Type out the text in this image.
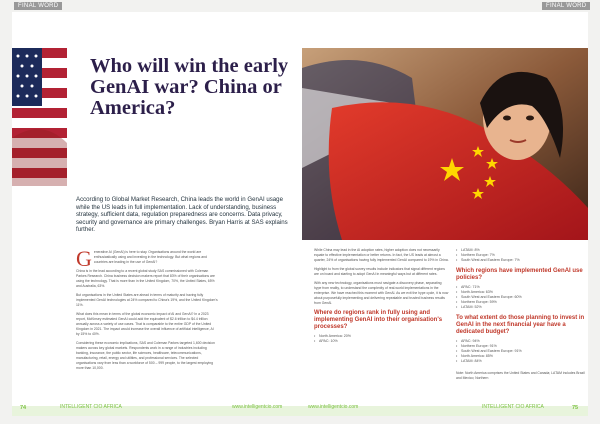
FINAL WORD	FINAL WORD
Who will win the early GenAI war? China or America?

According to Global Market Research, China leads the world in GenAI usage while the US leads in full implementation. Lack of understanding, business strategy, sufficient data, regulation preparedness are concerns. Data privacy, security and governance are primary challenges. Bryan Harris at SAS explains further.

Generative AI (GenAI) is here to stay. Organisations around the world are enthusiastically using and investing in the technology. But what regions and countries are leading in the use of GenAI?

China is in the lead according to a recent global study SAS commissioned with Coleman Parkes Research. China business decision makers report that 83% of their organisations are using the technology. That is more than in the United Kingdom, 70%, the United States, 65% and Australia, 63%.

But organisations in the United States are ahead in terms of maturity and having fully implemented GenAI technologies at 24% compared to China's 19%, and the United Kingdom's 11%.

What does this mean in terms of the global economic impact of AI and GenAI? In a 2023 report, McKinsey estimated GenAI could add the equivalent of $2.6 trillion to $4.4 trillion annually across a variety of use cases. That is comparable to the entire GDP of the United Kingdom in 2021. The impact would increase the overall influence of artificial intelligence, AI by 15% to 40%.

Considering these economic implications, SAS and Coleman Parkes targeted 1,600 decision makers across key global markets. Respondents work in a range of industries including banking, insurance, the public sector, life sciences, healthcare, telecommunications, manufacturing, retail, energy and utilities, and professional services. The selected organisations vary from less than a workforce of 500 – 999 people, to the largest employing more than 10,000.

74	INTELLIGENT CIO AFRICA	www.intelligentcio.com

While China may lead in the AI adoption rates, higher adoption does not necessarily equate to effective implementation or better returns. In fact, the US leads at almost a quarter, 24% of organisations having fully implemented GenAI compared to 19% in China.

Highlight to from the global survey results include indicators that signal different regions are on board and starting to adopt GenAI in meaningful ways but at different rates.

With any new technology, organisations must navigate a discovery phase, separating hype from reality, to understand the complexity of real-world implementations in the enterprise. We have reached this moment with GenAI. As we exit the hype cycle, it is now about purposefully implementing and delivering repeatable and trusted business results from GenAI.

Where do regions rank in fully using and implementing GenAI into their organisation's processes?
• North America: 20%
• APAC: 10%
• LATAM: 8%
• Northern Europe: 7%
• South West and Eastern Europe: 7%
Which regions have implemented GenAI use policies?
• APAC: 71%
• North America: 63%
• South West and Eastern Europe: 60%
• Northern Europe: 59%
• LATAM: 52%
To what extent do those planning to invest in GenAI in the next financial year have a dedicated budget?
• APAC: 94%
• Northern Europe: 91%
• South West and Eastern Europe: 91%
• North America: 85%
• LATAM: 84%
Note: North America comprises the United States and Canada; LATAM includes Brazil and Mexico; Northern
www.intelligentcio.com	INTELLIGENT CIO AFRICA	75
